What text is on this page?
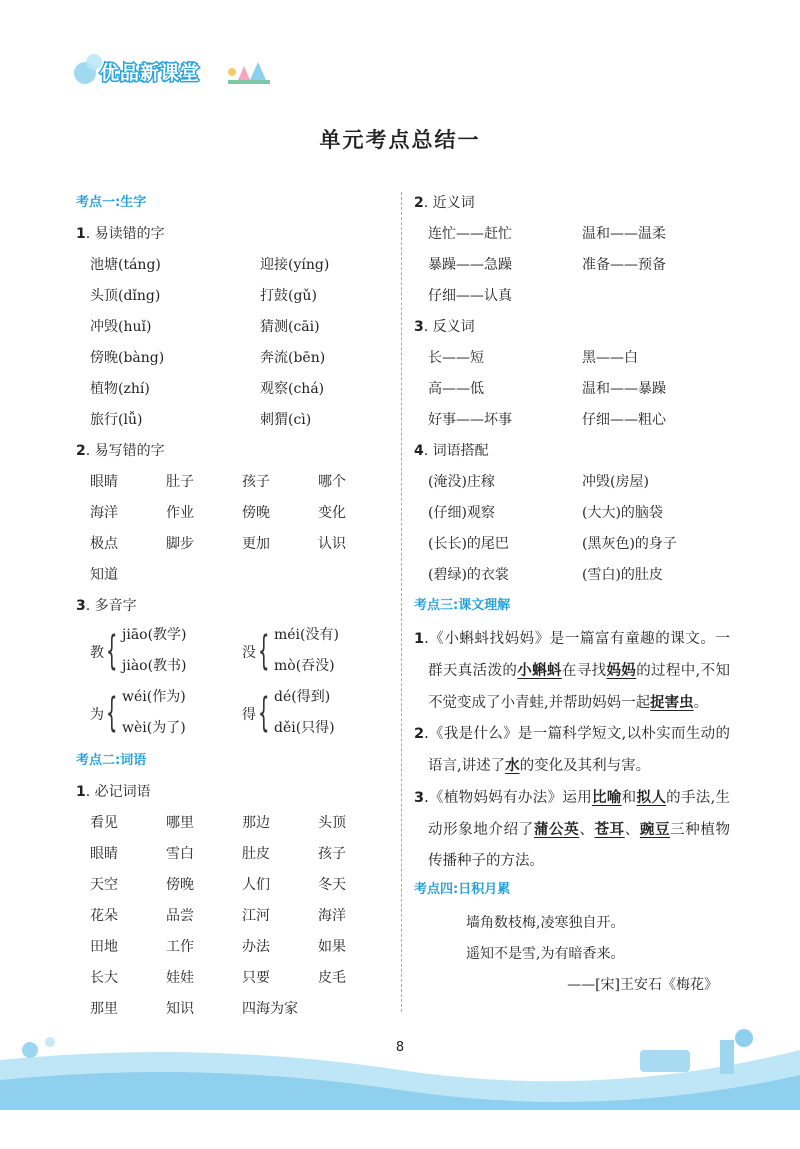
优品新课堂
单元考点总结一
考点一:生字
1. 易读错的字
池塘(táng)	迎接(yíng)
头顶(dǐng)	打鼓(gǔ)
冲毁(huǐ)	猜测(cāi)
傍晚(bàng)	奔流(bēn)
植物(zhí)	观察(chá)
旅行(lǚ)	刺猬(cì)
2. 易写错的字
眼睛	肚子	孩子	哪个
海洋	作业	傍晚	变化
极点	脚步	更加	认识
知道
3. 多音字
教 { jiāo(教学)
jiào(教书)
没 { méi(没有)
mò(吞没)
为 { wéi(作为)
wèi(为了)
得 { dé(得到)
děi(只得)
考点二:词语
1. 必记词语
看见	哪里	那边	头顶
眼睛	雪白	肚皮	孩子
天空	傍晚	人们	冬天
花朵	品尝	江河	海洋
田地	工作	办法	如果
长大	娃娃	只要	皮毛
那里	知识	四海为家
2. 近义词
连忙——赶忙	温和——温柔
暴躁——急躁	准备——预备
仔细——认真
3. 反义词
长——短	黑——白
高——低	温和——暴躁
好事——坏事	仔细——粗心
4. 词语搭配
(淹没)庄稼	冲毁(房屋)
(仔细)观察	(大大)的脑袋
(长长)的尾巴	(黑灰色)的身子
(碧绿)的衣裳	(雪白)的肚皮
考点三:课文理解
1.《小蝌蚪找妈妈》是一篇富有童趣的课文。一群天真活泼的小蝌蚪在寻找妈妈的过程中,不知不觉变成了小青蛙,并帮助妈妈一起捉害虫。
2.《我是什么》是一篇科学短文,以朴实而生动的语言,讲述了水的变化及其利与害。
3.《植物妈妈有办法》运用比喻和拟人的手法,生动形象地介绍了蒲公英、苍耳、豌豆三种植物传播种子的方法。
考点四:日积月累
墙角数枝梅,凌寒独自开。
遥知不是雪,为有暗香来。
——[宋]王安石《梅花》
8
